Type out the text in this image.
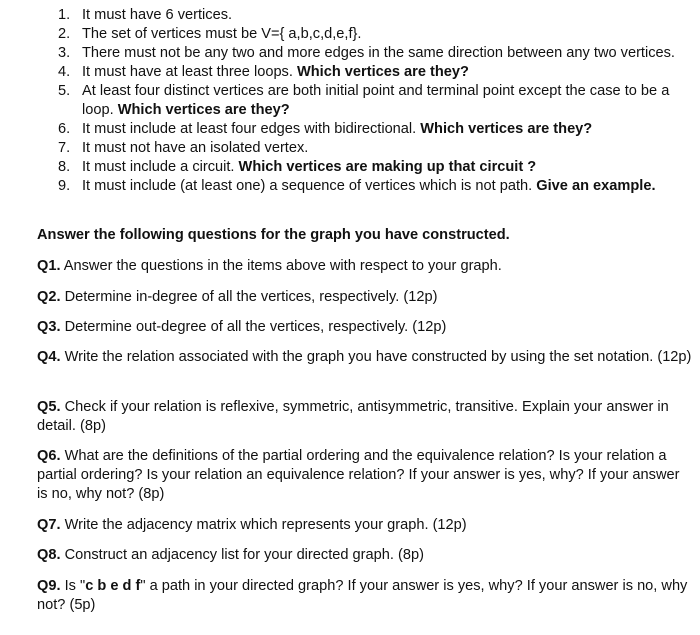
1. It must have 6 vertices.
2. The set of vertices must be V={ a,b,c,d,e,f}.
3. There must not be any two and more edges in the same direction between any two vertices.
4. It must have at least three loops. Which vertices are they?
5. At least four distinct vertices are both initial point and terminal point except the case to be a loop. Which vertices are they?
6. It must include at least four edges with bidirectional. Which vertices are they?
7. It must not have an isolated vertex.
8. It must include a circuit. Which vertices are making up that circuit ?
9. It must include (at least one) a sequence of vertices which is not path. Give an example.
Answer the following questions for the graph you have constructed.
Q1. Answer the questions in the items above with respect to your graph.
Q2. Determine in-degree of all the vertices, respectively. (12p)
Q3. Determine out-degree of all the vertices, respectively. (12p)
Q4. Write the relation associated with the graph you have constructed by using the set notation. (12p)
Q5. Check if your relation is reflexive, symmetric, antisymmetric, transitive. Explain your answer in detail. (8p)
Q6. What are the definitions of the partial ordering and the equivalence relation? Is your relation a partial ordering? Is your relation an equivalence relation? If your answer is yes, why? If your answer is no, why not? (8p)
Q7. Write the adjacency matrix which represents your graph. (12p)
Q8. Construct an adjacency list for your directed graph. (8p)
Q9. Is "c b e d f" a path in your directed graph? If your answer is yes, why? If your answer is no, why not? (5p)
